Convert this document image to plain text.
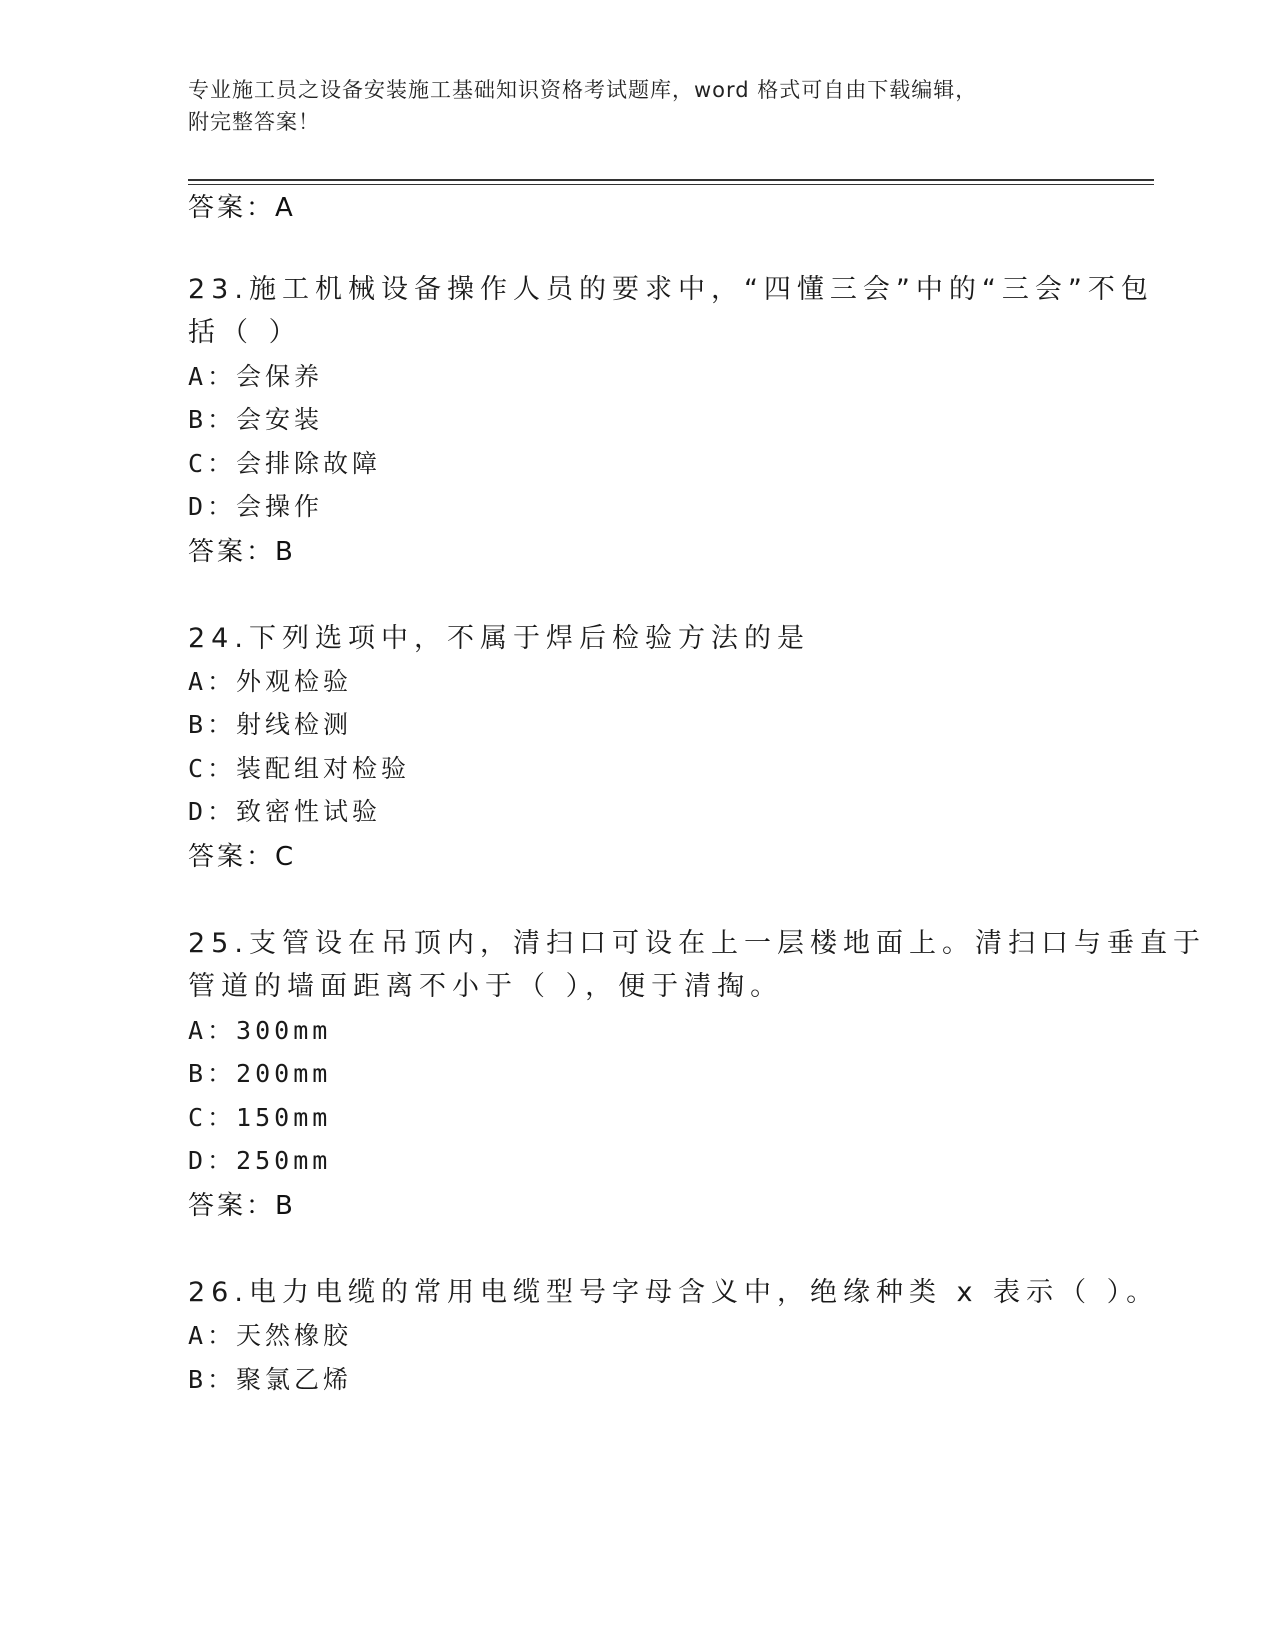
专业施工员之设备安装施工基础知识资格考试题库，word 格式可自由下载编辑，
附完整答案！
答案：A
23.施工机械设备操作人员的要求中，“四懂三会”中的“三会”不包
括（ ）
A：会保养
B：会安装
C：会排除故障
D：会操作
答案：B
24.下列选项中，不属于焊后检验方法的是
A：外观检验
B：射线检测
C：装配组对检验
D：致密性试验
答案：C
25.支管设在吊顶内，清扫口可设在上一层楼地面上。清扫口与垂直于
管道的墙面距离不小于（ ），便于清掏。
A：300mm
B：200mm
C：150mm
D：250mm
答案：B
26.电力电缆的常用电缆型号字母含义中，绝缘种类 x 表示（ ）。
A：天然橡胶
B：聚氯乙烯
